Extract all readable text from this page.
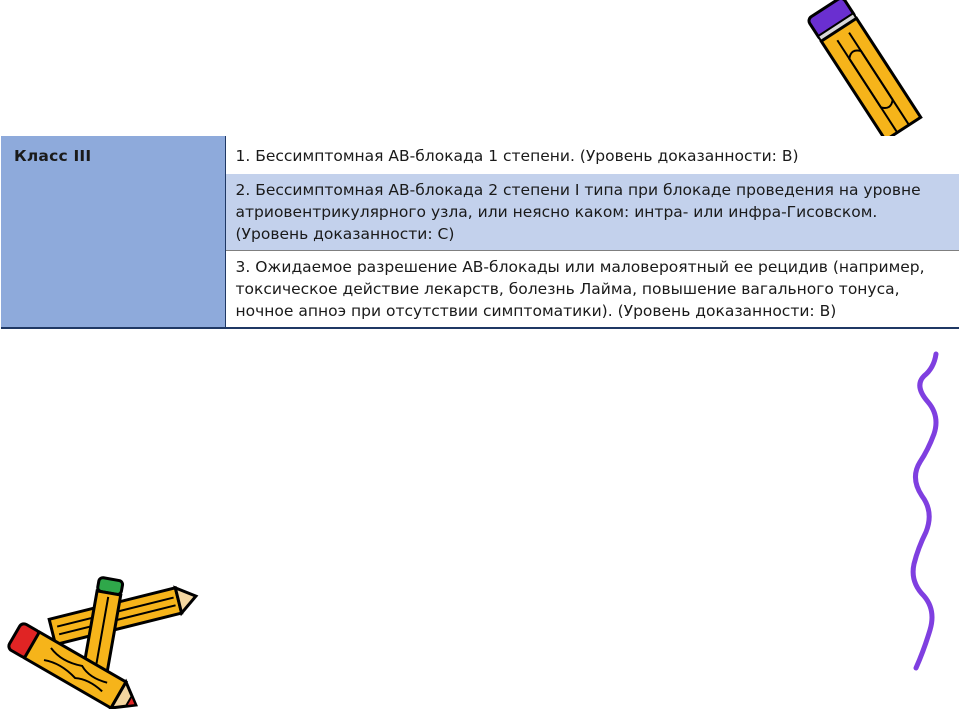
Класс III	1. Бессимптомная АВ-блокада 1 степени. (Уровень доказанности: В)
2. Бессимптомная АВ-блокада 2 степени I типа при блокаде проведения на уровне атриовентрикулярного узла, или неясно каком: интра- или инфра-Гисовском. (Уровень доказанности: С)
3. Ожидаемое разрешение АВ-блокады или маловероятный ее рецидив (например, токсическое действие лекарств, болезнь Лайма, повышение вагального тонуса, ночное апноэ при отсутствии симптоматики). (Уровень доказанности: В)
